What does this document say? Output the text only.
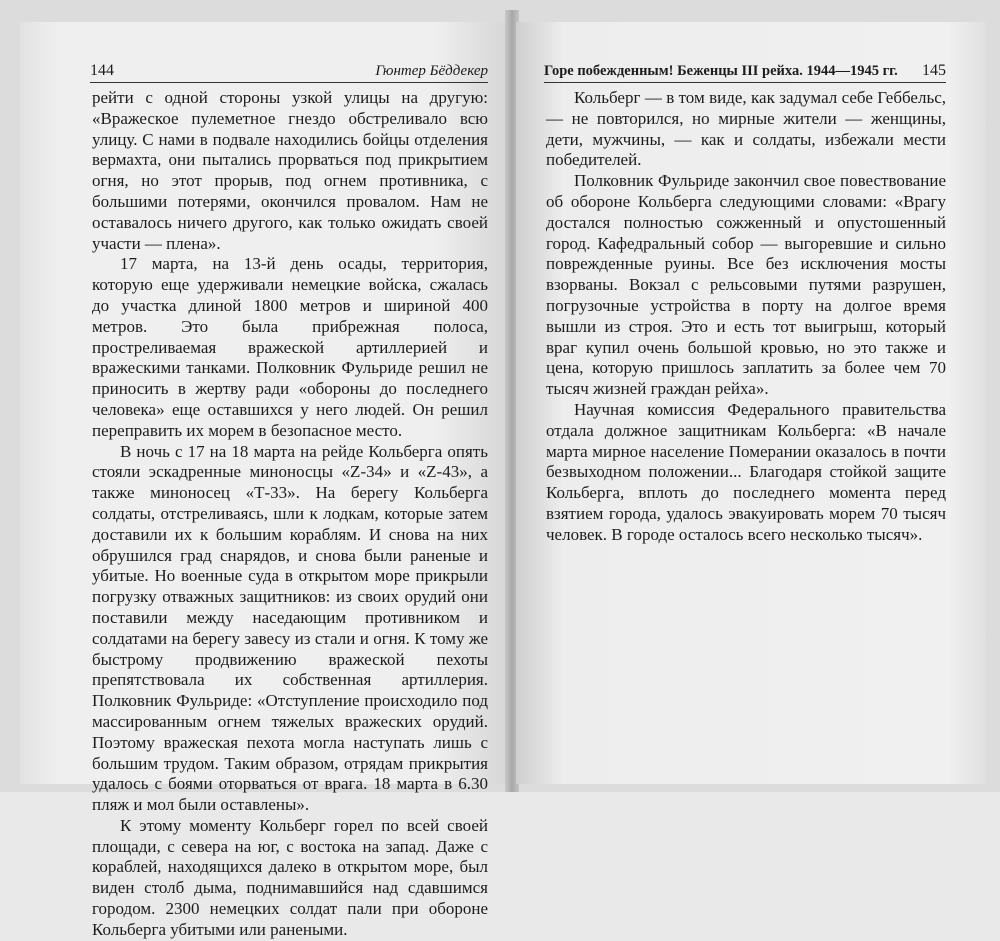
144	Гюнтер Бёддекер

рейти с одной стороны узкой улицы на другую: «Вражеское пулеметное гнездо обстреливало всю улицу. С нами в подвале находились бойцы отделения вермахта, они пытались прорваться под прикрытием огня, но этот прорыв, под огнем противника, с большими потерями, окончился провалом. Нам не оставалось ничего другого, как только ожидать своей участи — плена».

17 марта, на 13-й день осады, территория, которую еще удерживали немецкие войска, сжалась до участка длиной 1800 метров и шириной 400 метров. Это была прибрежная полоса, простреливаемая вражеской артиллерией и вражескими танками. Полковник Фульриде решил не приносить в жертву ради «обороны до последнего человека» еще оставшихся у него людей. Он решил переправить их морем в безопасное место.

В ночь с 17 на 18 марта на рейде Кольберга опять стояли эскадренные миноносцы «Z-34» и «Z-43», а также миноносец «Т-33». На берегу Кольберга солдаты, отстреливаясь, шли к лодкам, которые затем доставили их к большим кораблям. И снова на них обрушился град снарядов, и снова были раненые и убитые. Но военные суда в открытом море прикрыли погрузку отважных защитников: из своих орудий они поставили между наседающим противником и солдатами на берегу завесу из стали и огня. К тому же быстрому продвижению вражеской пехоты препятствовала их собственная артиллерия. Полковник Фульриде: «Отступление происходило под массированным огнем тяжелых вражеских орудий. Поэтому вражеская пехота могла наступать лишь с большим трудом. Таким образом, отрядам прикрытия удалось с боями оторваться от врага. 18 марта в 6.30 пляж и мол были оставлены».

К этому моменту Кольберг горел по всей своей площади, с севера на юг, с востока на запад. Даже с кораблей, находящихся далеко в открытом море, был виден столб дыма, поднимавшийся над сдавшимся городом. 2300 немецких солдат пали при обороне Кольберга убитыми или ранеными.

Горе побежденным! Беженцы III рейха. 1944—1945 гг. 145

Кольберг — в том виде, как задумал себе Геббельс, — не повторился, но мирные жители — женщины, дети, мужчины, — как и солдаты, избежали мести победителей.

Полковник Фульриде закончил свое повествование об обороне Кольберга следующими словами: «Врагу достался полностью сожженный и опустошенный город. Кафедральный собор — выгоревшие и сильно поврежденные руины. Все без исключения мосты взорваны. Вокзал с рельсовыми путями разрушен, погрузочные устройства в порту на долгое время вышли из строя. Это и есть тот выигрыш, который враг купил очень большой кровью, но это также и цена, которую пришлось заплатить за более чем 70 тысяч жизней граждан рейха».

Научная комиссия Федерального правительства отдала должное защитникам Кольберга: «В начале марта мирное население Померании оказалось в почти безвыходном положении... Благодаря стойкой защите Кольберга, вплоть до последнего момента перед взятием города, удалось эвакуировать морем 70 тысяч человек. В городе осталось всего несколько тысяч».
